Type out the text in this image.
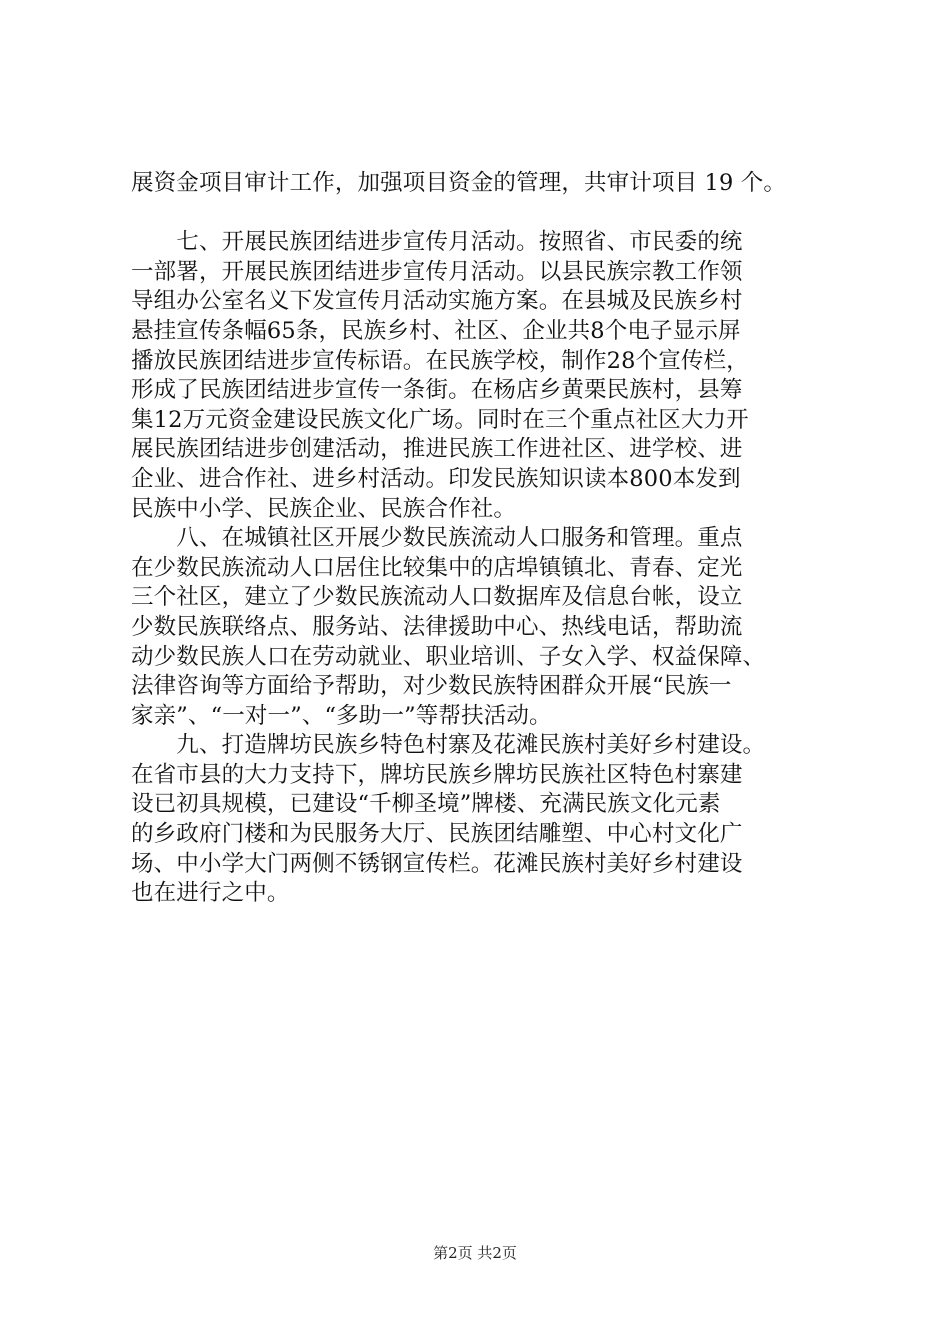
展资金项目审计工作，加强项目资金的管理，共审计项目 19 个。
　　七、开展民族团结进步宣传月活动。按照省、市民委的统
一部署，开展民族团结进步宣传月活动。以县民族宗教工作领
导组办公室名义下发宣传月活动实施方案。在县城及民族乡村
悬挂宣传条幅65条，民族乡村、社区、企业共8个电子显示屏
播放民族团结进步宣传标语。在民族学校，制作28个宣传栏，
形成了民族团结进步宣传一条街。在杨店乡黄栗民族村，县筹
集12万元资金建设民族文化广场。同时在三个重点社区大力开
展民族团结进步创建活动，推进民族工作进社区、进学校、进
企业、进合作社、进乡村活动。印发民族知识读本800本发到
民族中小学、民族企业、民族合作社。
　　八、在城镇社区开展少数民族流动人口服务和管理。重点
在少数民族流动人口居住比较集中的店埠镇镇北、青春、定光
三个社区，建立了少数民族流动人口数据库及信息台帐，设立
少数民族联络点、服务站、法律援助中心、热线电话，帮助流
动少数民族人口在劳动就业、职业培训、子女入学、权益保障、
法律咨询等方面给予帮助，对少数民族特困群众开展“民族一
家亲”、“一对一”、“多助一”等帮扶活动。
　　九、打造牌坊民族乡特色村寨及花滩民族村美好乡村建设。
在省市县的大力支持下，牌坊民族乡牌坊民族社区特色村寨建
设已初具规模，已建设“千柳圣境”牌楼、充满民族文化元素
的乡政府门楼和为民服务大厅、民族团结雕塑、中心村文化广
场、中小学大门两侧不锈钢宣传栏。花滩民族村美好乡村建设
也在进行之中。
第2页 共2页
